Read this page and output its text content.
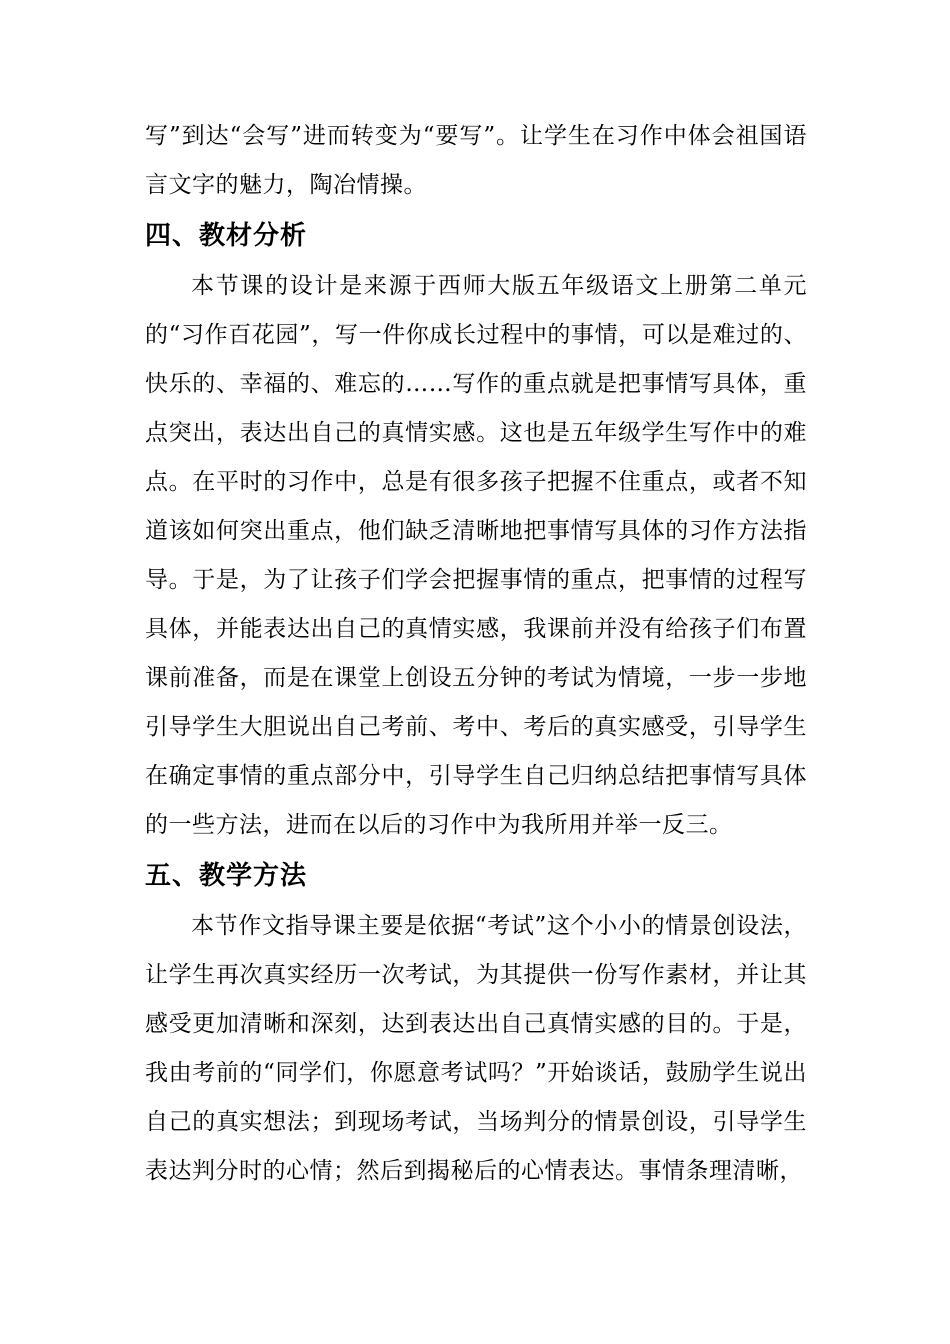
写”到达“会写”进而转变为“要写”。让学生在习作中体会祖国语言文字的魅力，陶冶情操。

四、教材分析

本节课的设计是来源于西师大版五年级语文上册第二单元的“习作百花园”，写一件你成长过程中的事情，可以是难过的、快乐的、幸福的、难忘的……写作的重点就是把事情写具体，重点突出，表达出自己的真情实感。这也是五年级学生写作中的难点。在平时的习作中，总是有很多孩子把握不住重点，或者不知道该如何突出重点，他们缺乏清晰地把事情写具体的习作方法指导。于是，为了让孩子们学会把握事情的重点，把事情的过程写具体，并能表达出自己的真情实感，我课前并没有给孩子们布置课前准备，而是在课堂上创设五分钟的考试为情境，一步一步地引导学生大胆说出自己考前、考中、考后的真实感受，引导学生在确定事情的重点部分中，引导学生自己归纳总结把事情写具体的一些方法，进而在以后的习作中为我所用并举一反三。

五、教学方法

本节作文指导课主要是依据“考试”这个小小的情景创设法，让学生再次真实经历一次考试，为其提供一份写作素材，并让其感受更加清晰和深刻，达到表达出自己真情实感的目的。于是，我由考前的“同学们，你愿意考试吗？”开始谈话，鼓励学生说出自己的真实想法；到现场考试，当场判分的情景创设，引导学生表达判分时的心情；然后到揭秘后的心情表达。事情条理清晰，
